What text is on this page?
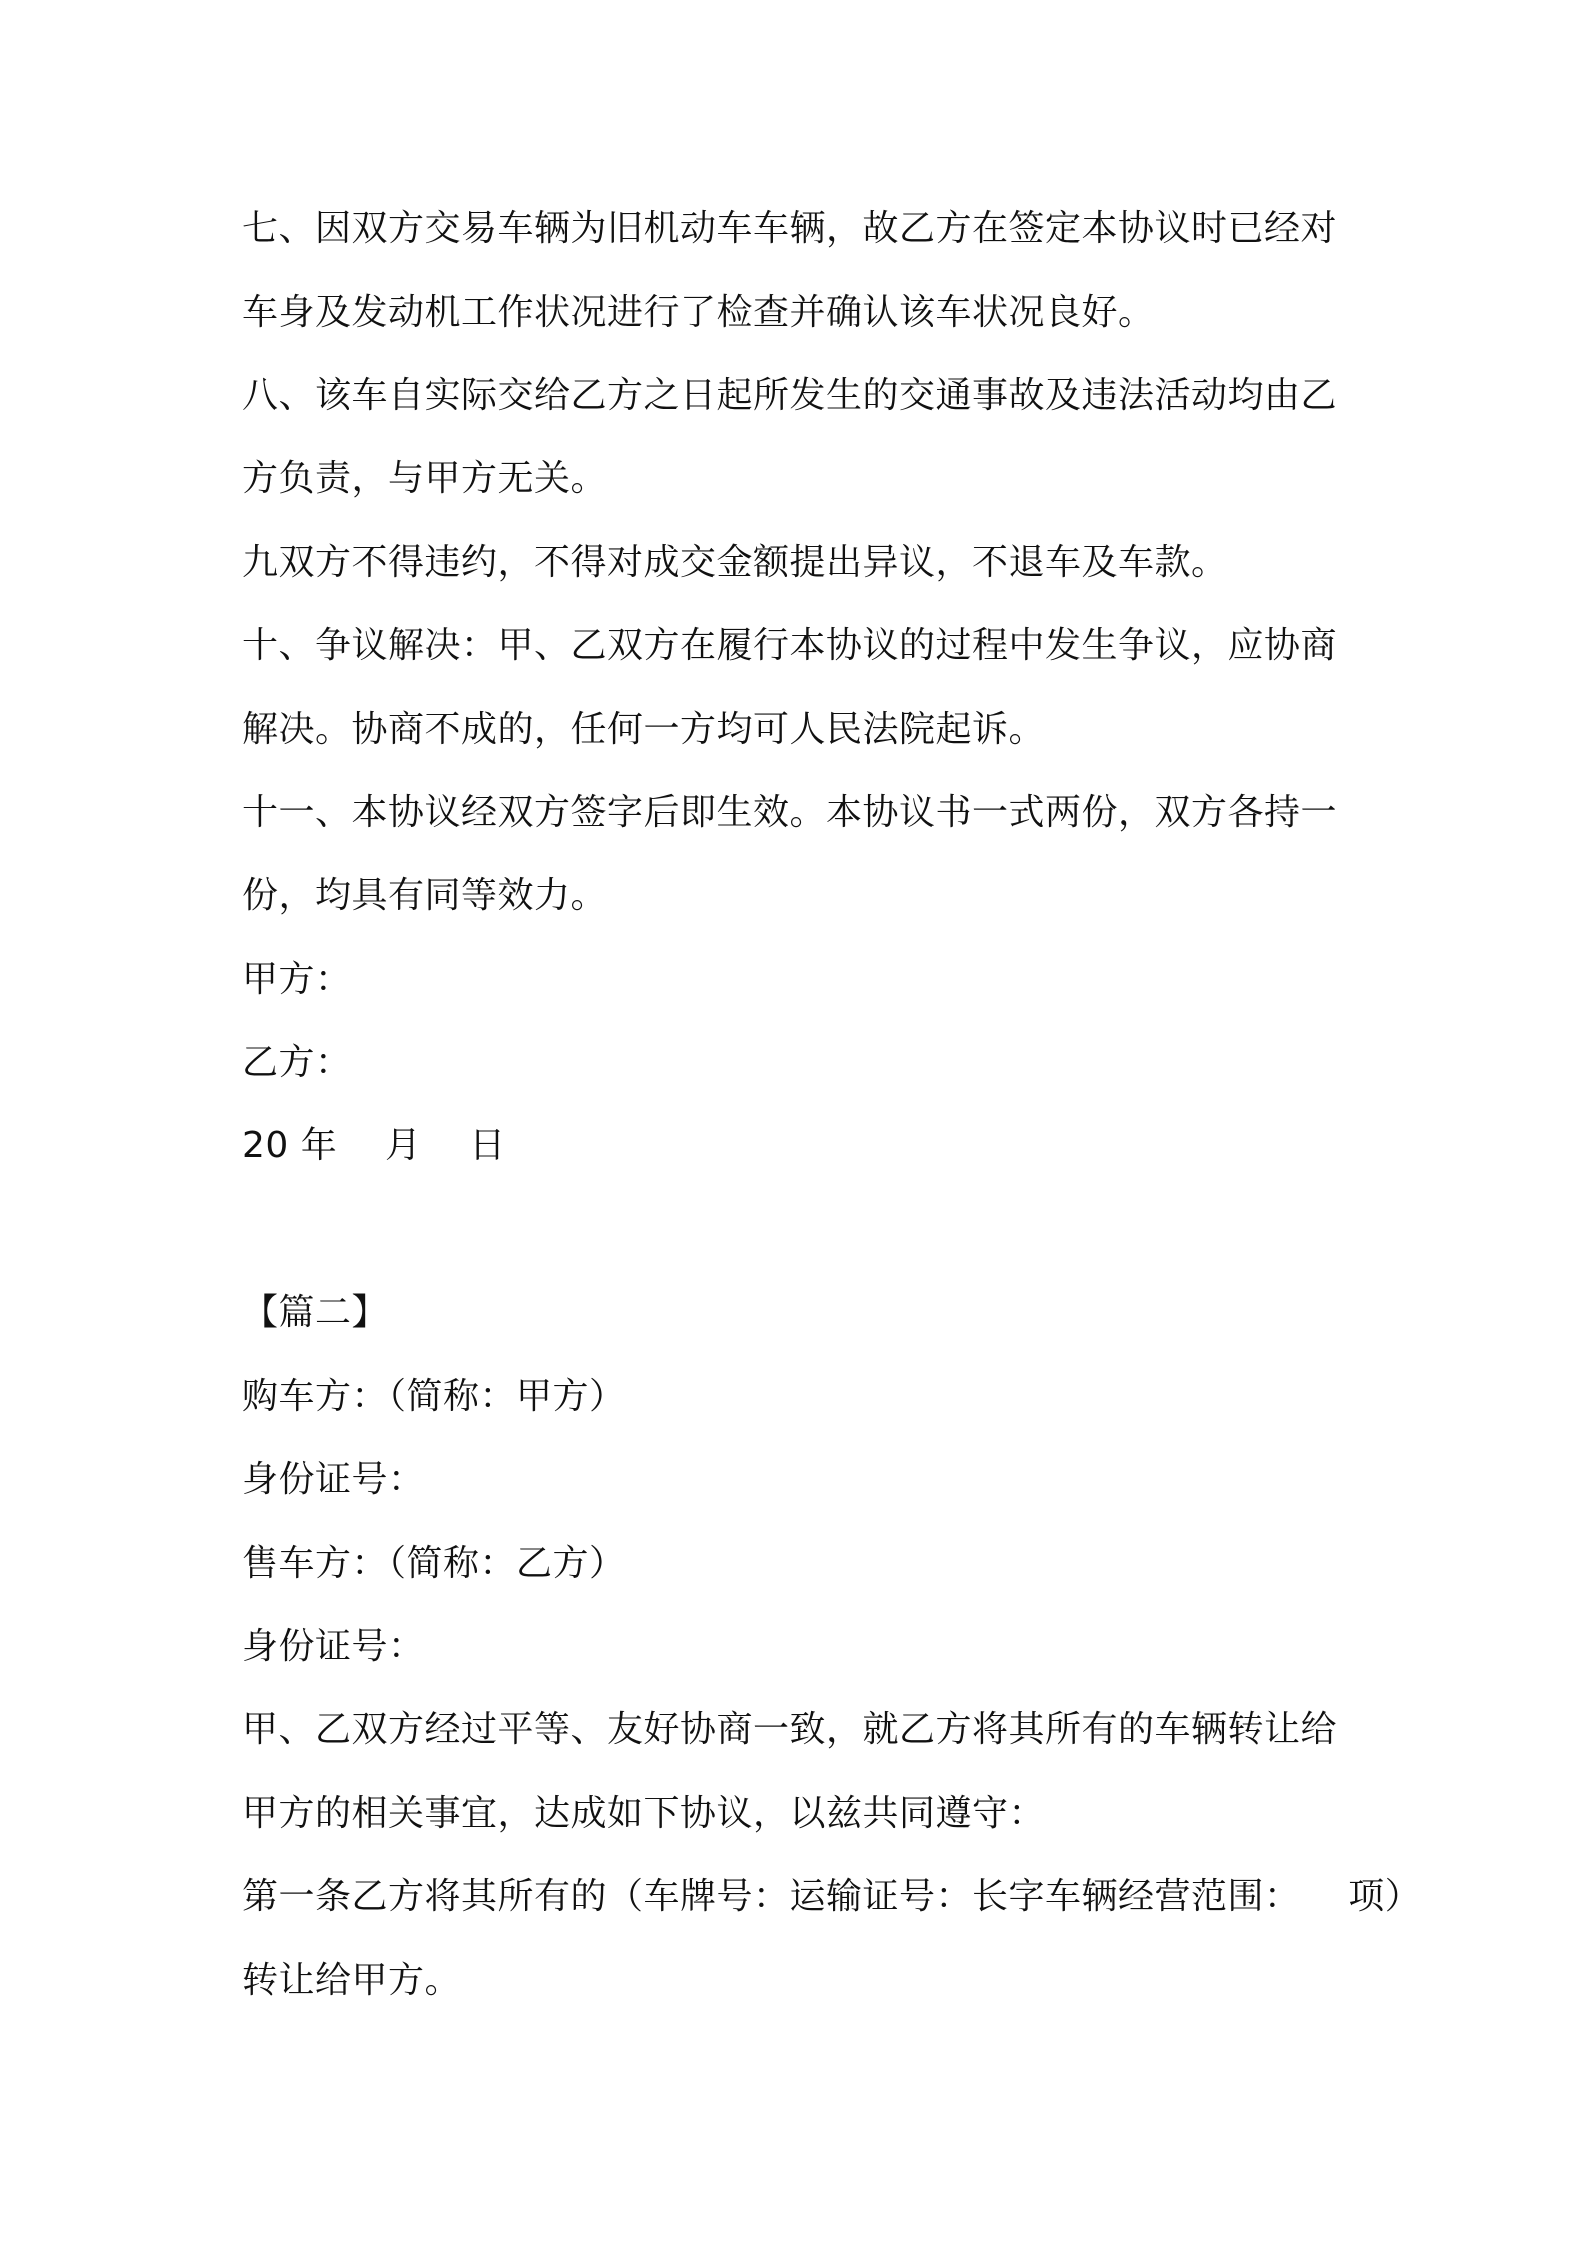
七、因双方交易车辆为旧机动车车辆，故乙方在签定本协议时已经对
车身及发动机工作状况进行了检查并确认该车状况良好。
八、该车自实际交给乙方之日起所发生的交通事故及违法活动均由乙
方负责，与甲方无关。
九双方不得违约，不得对成交金额提出异议，不退车及车款。
十、争议解决：甲、乙双方在履行本协议的过程中发生争议，应协商
解决。协商不成的，任何一方均可人民法院起诉。
十一、本协议经双方签字后即生效。本协议书一式两份，双方各持一
份，均具有同等效力。
甲方：
乙方：
20 年    月    日
【篇二】
购车方：（简称：甲方）
身份证号：
售车方：（简称：乙方）
身份证号：
甲、乙双方经过平等、友好协商一致，就乙方将其所有的车辆转让给
甲方的相关事宜，达成如下协议，以兹共同遵守：
第一条乙方将其所有的（车牌号：运输证号：长字车辆经营范围：    项）
转让给甲方。
